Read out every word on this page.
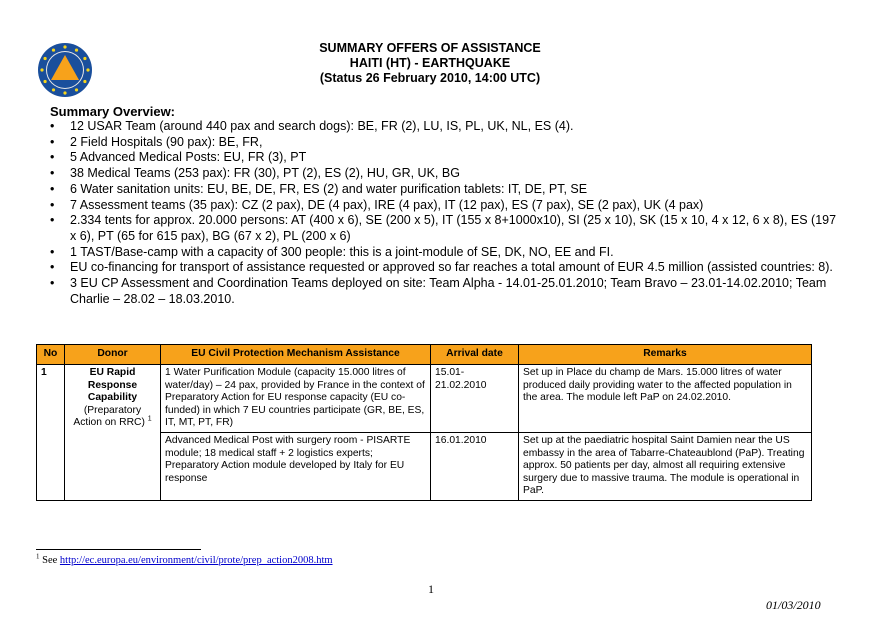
SUMMARY OFFERS OF ASSISTANCE
HAITI (HT) - EARTHQUAKE
(Status 26 February 2010, 14:00 UTC)
Summary Overview:
• 12 USAR Team (around 440 pax and search dogs): BE, FR (2), LU, IS, PL, UK, NL, ES (4).
• 2 Field Hospitals (90 pax): BE, FR,
• 5 Advanced Medical Posts: EU, FR (3), PT
• 38 Medical Teams (253 pax): FR (30), PT (2), ES (2), HU, GR, UK, BG
• 6 Water sanitation units: EU, BE, DE, FR, ES (2) and water purification tablets: IT, DE, PT, SE
• 7 Assessment teams (35 pax): CZ (2 pax), DE (4 pax), IRE (4 pax), IT (12 pax), ES (7 pax), SE (2 pax), UK (4 pax)
• 2.334 tents for approx. 20.000 persons: AT (400 x 6), SE (200 x 5), IT (155 x 8+1000x10), SI (25 x 10), SK (15 x 10, 4 x 12, 6 x 8), ES (197 x 6), PT (65 for 615 pax), BG (67 x 2), PL (200 x 6)
• 1 TAST/Base-camp with a capacity of 300 people: this is a joint-module of SE, DK, NO, EE and FI.
• EU co-financing for transport of assistance requested or approved so far reaches a total amount of EUR 4.5 million (assisted countries: 8).
• 3 EU CP Assessment and Coordination Teams deployed on site: Team Alpha - 14.01-25.01.2010; Team Bravo – 23.01-14.02.2010; Team Charlie – 28.02 – 18.03.2010.
No	Donor	EU Civil Protection Mechanism Assistance	Arrival date	Remarks
1	EU Rapid Response Capability
(Preparatory Action on RRC) $^1$	1 Water Purification Module (capacity 15.000 litres of water/day) – 24 pax, provided by France in the context of Preparatory Action for EU response capacity (EU co-funded) in which 7 EU countries participate (GR, BE, ES, IT, MT, PT, FR)	15.01-21.02.2010	Set up in Place du champ de Mars. 15.000 litres of water produced daily providing water to the affected population in the area. The module left PaP on 24.02.2010.
		Advanced Medical Post with surgery room - PISARTE module; 18 medical staff + 2 logistics experts; Preparatory Action module developed by Italy for EU response	16.01.2010	Set up at the paediatric hospital Saint Damien near the US embassy in the area of Tabarre-Chateaublond (PaP). Treating approx. 50 patients per day, almost all requiring extensive surgery due to massive trauma. The module is operational in PaP.
$^1$ See http://ec.europa.eu/environment/civil/prote/prep_action2008.htm
1
01/03/2010
